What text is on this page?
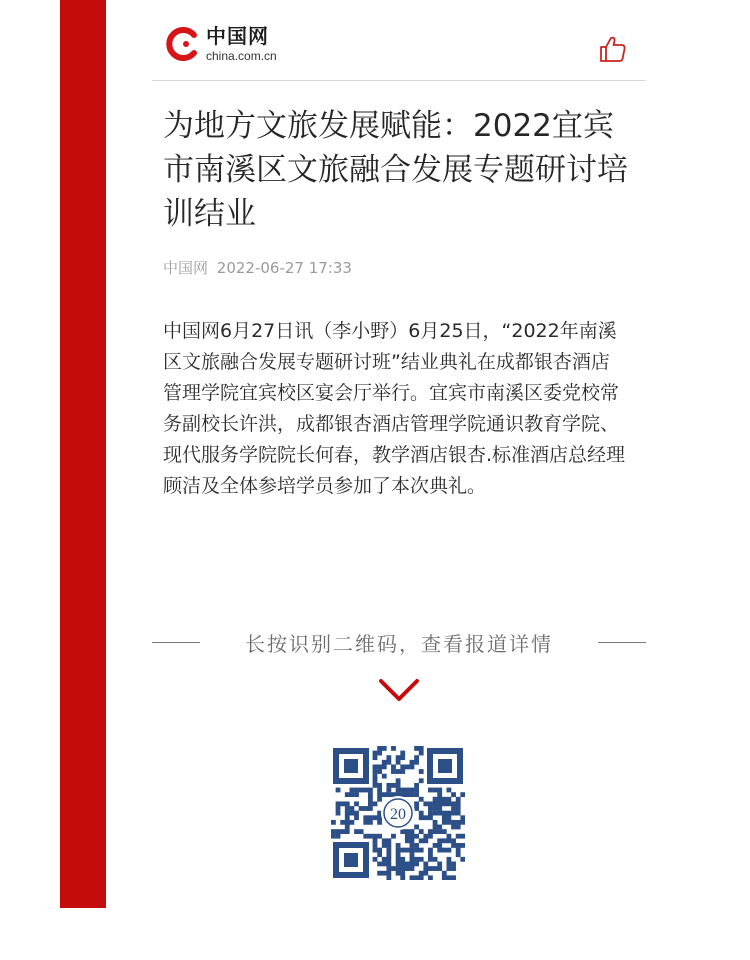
中国网
china.com.cn
为地方文旅发展赋能：2022宜宾市南溪区文旅融合发展专题研讨培训结业
中国网 2022-06-27 17:33

中国网6月27日讯（李小野）6月25日，“2022年南溪区文旅融合发展专题研讨班”结业典礼在成都银杏酒店管理学院宜宾校区宴会厅举行。宜宾市南溪区委党校常务副校长许洪，成都银杏酒店管理学院通识教育学院、现代服务学院院长何春，教学酒店银杏.标准酒店总经理顾洁及全体参培学员参加了本次典礼。

长按识别二维码，查看报道详情
20
